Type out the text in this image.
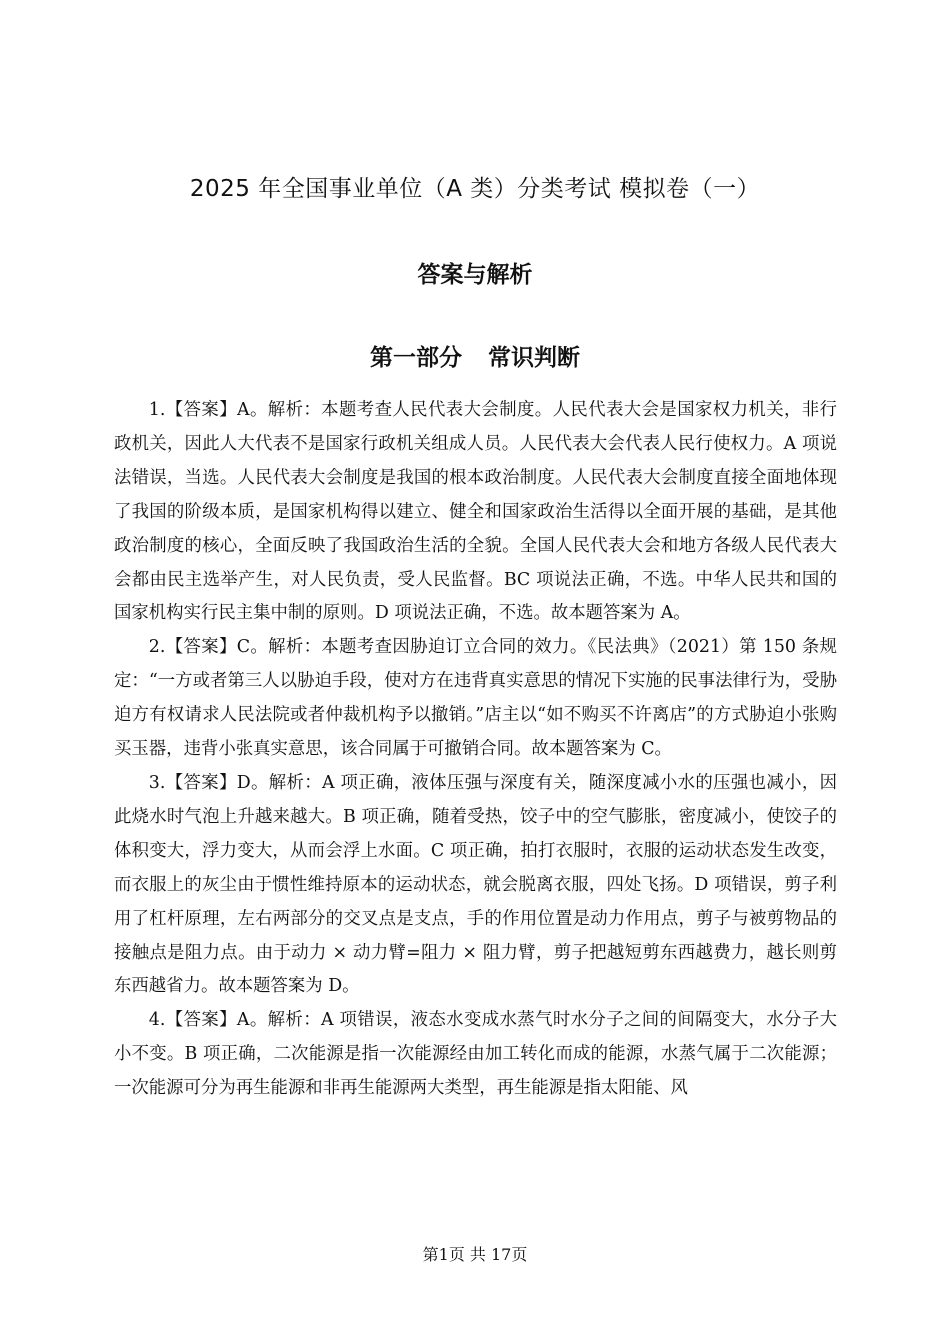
2025 年全国事业单位（A 类）分类考试 模拟卷（一）
答案与解析
第一部分 常识判断

1.【答案】A。解析：本题考查人民代表大会制度。人民代表大会是国家权力机关，非行政机关，因此人大代表不是国家行政机关组成人员。人民代表大会代表人民行使权力。A 项说法错误，当选。人民代表大会制度是我国的根本政治制度。人民代表大会制度直接全面地体现了我国的阶级本质，是国家机构得以建立、健全和国家政治生活得以全面开展的基础，是其他政治制度的核心，全面反映了我国政治生活的全貌。全国人民代表大会和地方各级人民代表大会都由民主选举产生，对人民负责，受人民监督。BC 项说法正确，不选。中华人民共和国的国家机构实行民主集中制的原则。D 项说法正确，不选。故本题答案为 A。

2.【答案】C。解析：本题考查因胁迫订立合同的效力。《民法典》（2021）第 150 条规定：“一方或者第三人以胁迫手段，使对方在违背真实意思的情况下实施的民事法律行为，受胁迫方有权请求人民法院或者仲裁机构予以撤销。”店主以“如不购买不许离店”的方式胁迫小张购买玉器，违背小张真实意思，该合同属于可撤销合同。故本题答案为 C。

3.【答案】D。解析：A 项正确，液体压强与深度有关，随深度减小水的压强也减小，因此烧水时气泡上升越来越大。B 项正确，随着受热，饺子中的空气膨胀，密度减小，使饺子的体积变大，浮力变大，从而会浮上水面。C 项正确，拍打衣服时，衣服的运动状态发生改变，而衣服上的灰尘由于惯性维持原本的运动状态，就会脱离衣服，四处飞扬。D 项错误，剪子利用了杠杆原理，左右两部分的交叉点是支点，手的作用位置是动力作用点，剪子与被剪物品的接触点是阻力点。由于动力 × 动力臂=阻力 × 阻力臂，剪子把越短剪东西越费力，越长则剪东西越省力。故本题答案为 D。

4.【答案】A。解析：A 项错误，液态水变成水蒸气时水分子之间的间隔变大，水分子大小不变。B 项正确，二次能源是指一次能源经由加工转化而成的能源，水蒸气属于二次能源；一次能源可分为再生能源和非再生能源两大类型，再生能源是指太阳能、风

第1页 共 17页
